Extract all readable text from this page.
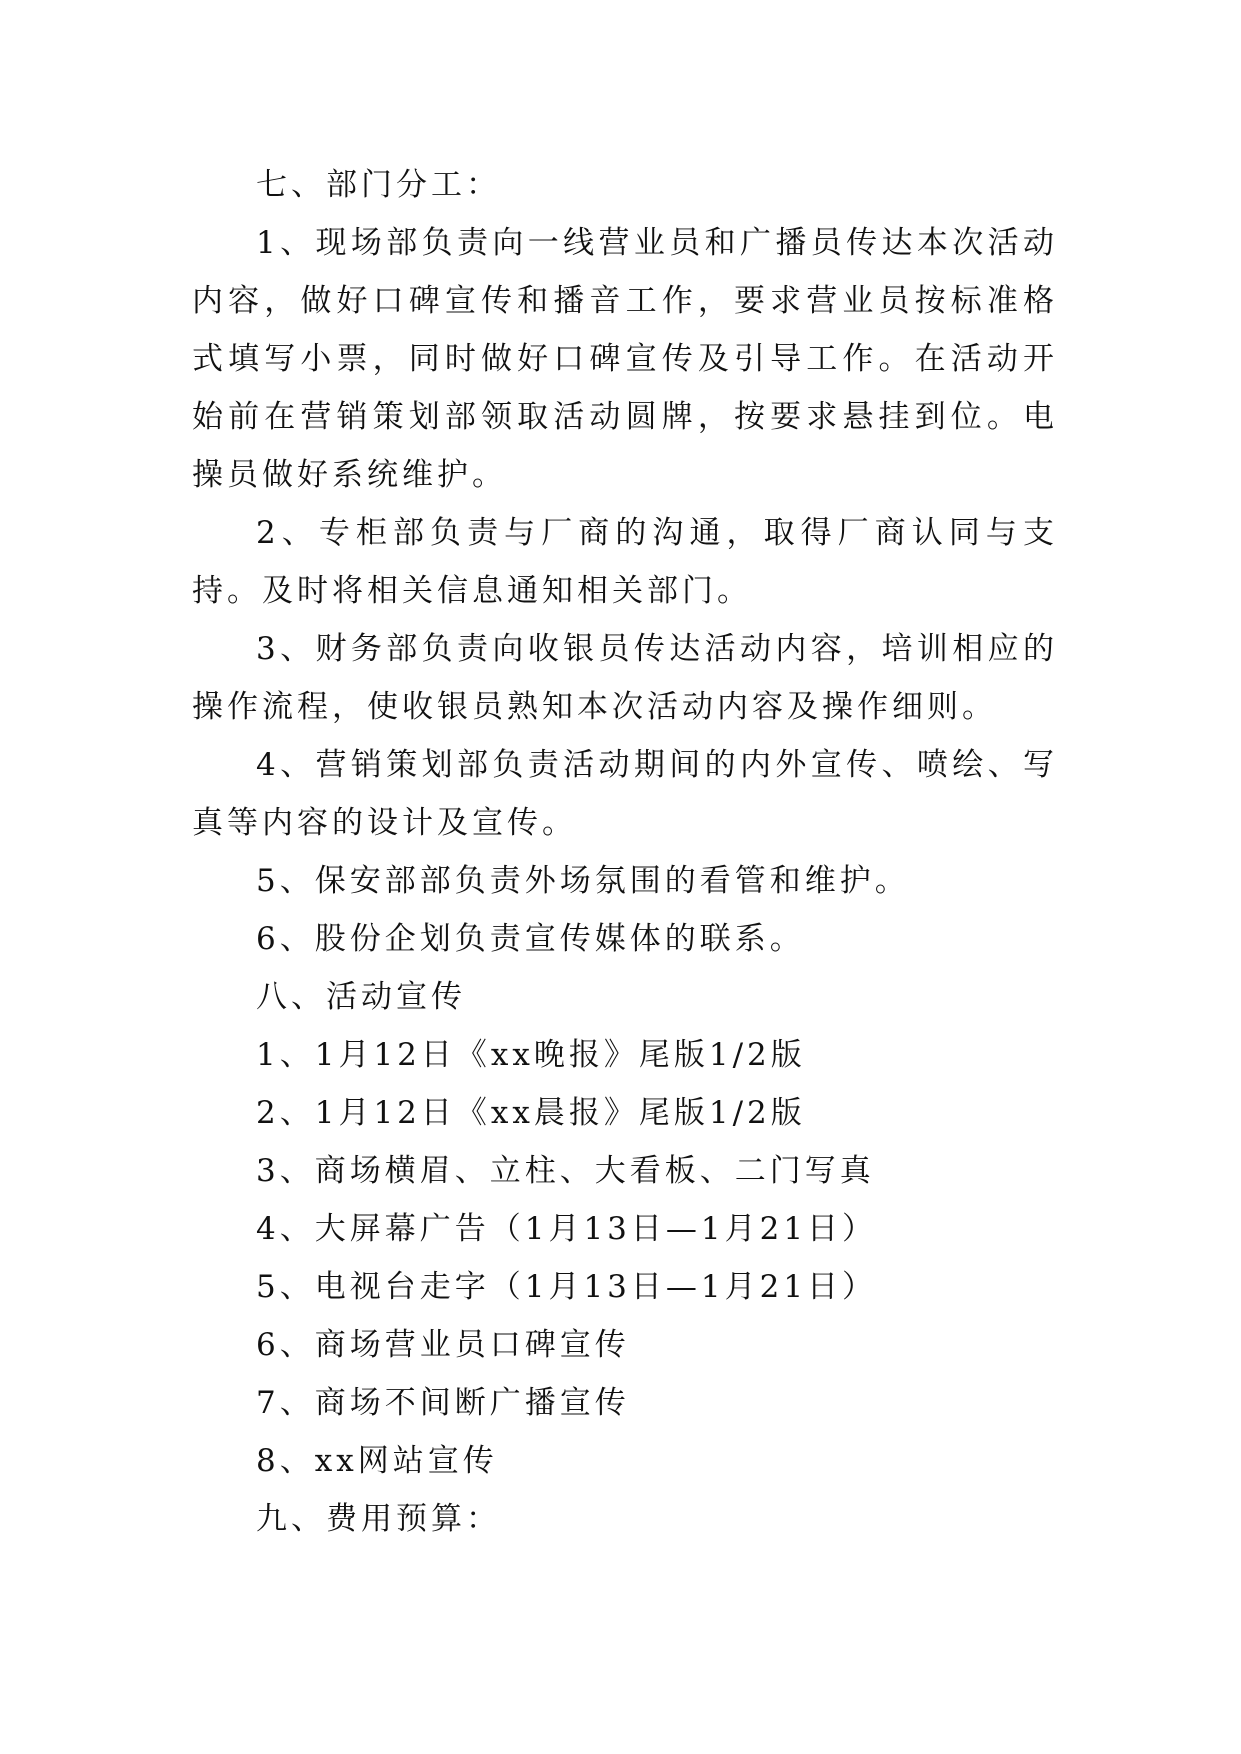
七、部门分工：

1、现场部负责向一线营业员和广播员传达本次活动内容，做好口碑宣传和播音工作，要求营业员按标准格式填写小票，同时做好口碑宣传及引导工作。在活动开始前在营销策划部领取活动圆牌，按要求悬挂到位。电操员做好系统维护。

2、专柜部负责与厂商的沟通，取得厂商认同与支持。及时将相关信息通知相关部门。

3、财务部负责向收银员传达活动内容，培训相应的操作流程，使收银员熟知本次活动内容及操作细则。

4、营销策划部负责活动期间的内外宣传、喷绘、写真等内容的设计及宣传。

5、保安部部负责外场氛围的看管和维护。

6、股份企划负责宣传媒体的联系。

八、活动宣传

1、1月12日《xx晚报》尾版1/2版

2、1月12日《xx晨报》尾版1/2版

3、商场横眉、立柱、大看板、二门写真

4、大屏幕广告（1月13日—1月21日）

5、电视台走字（1月13日—1月21日）

6、商场营业员口碑宣传

7、商场不间断广播宣传

8、xx网站宣传

九、费用预算：
